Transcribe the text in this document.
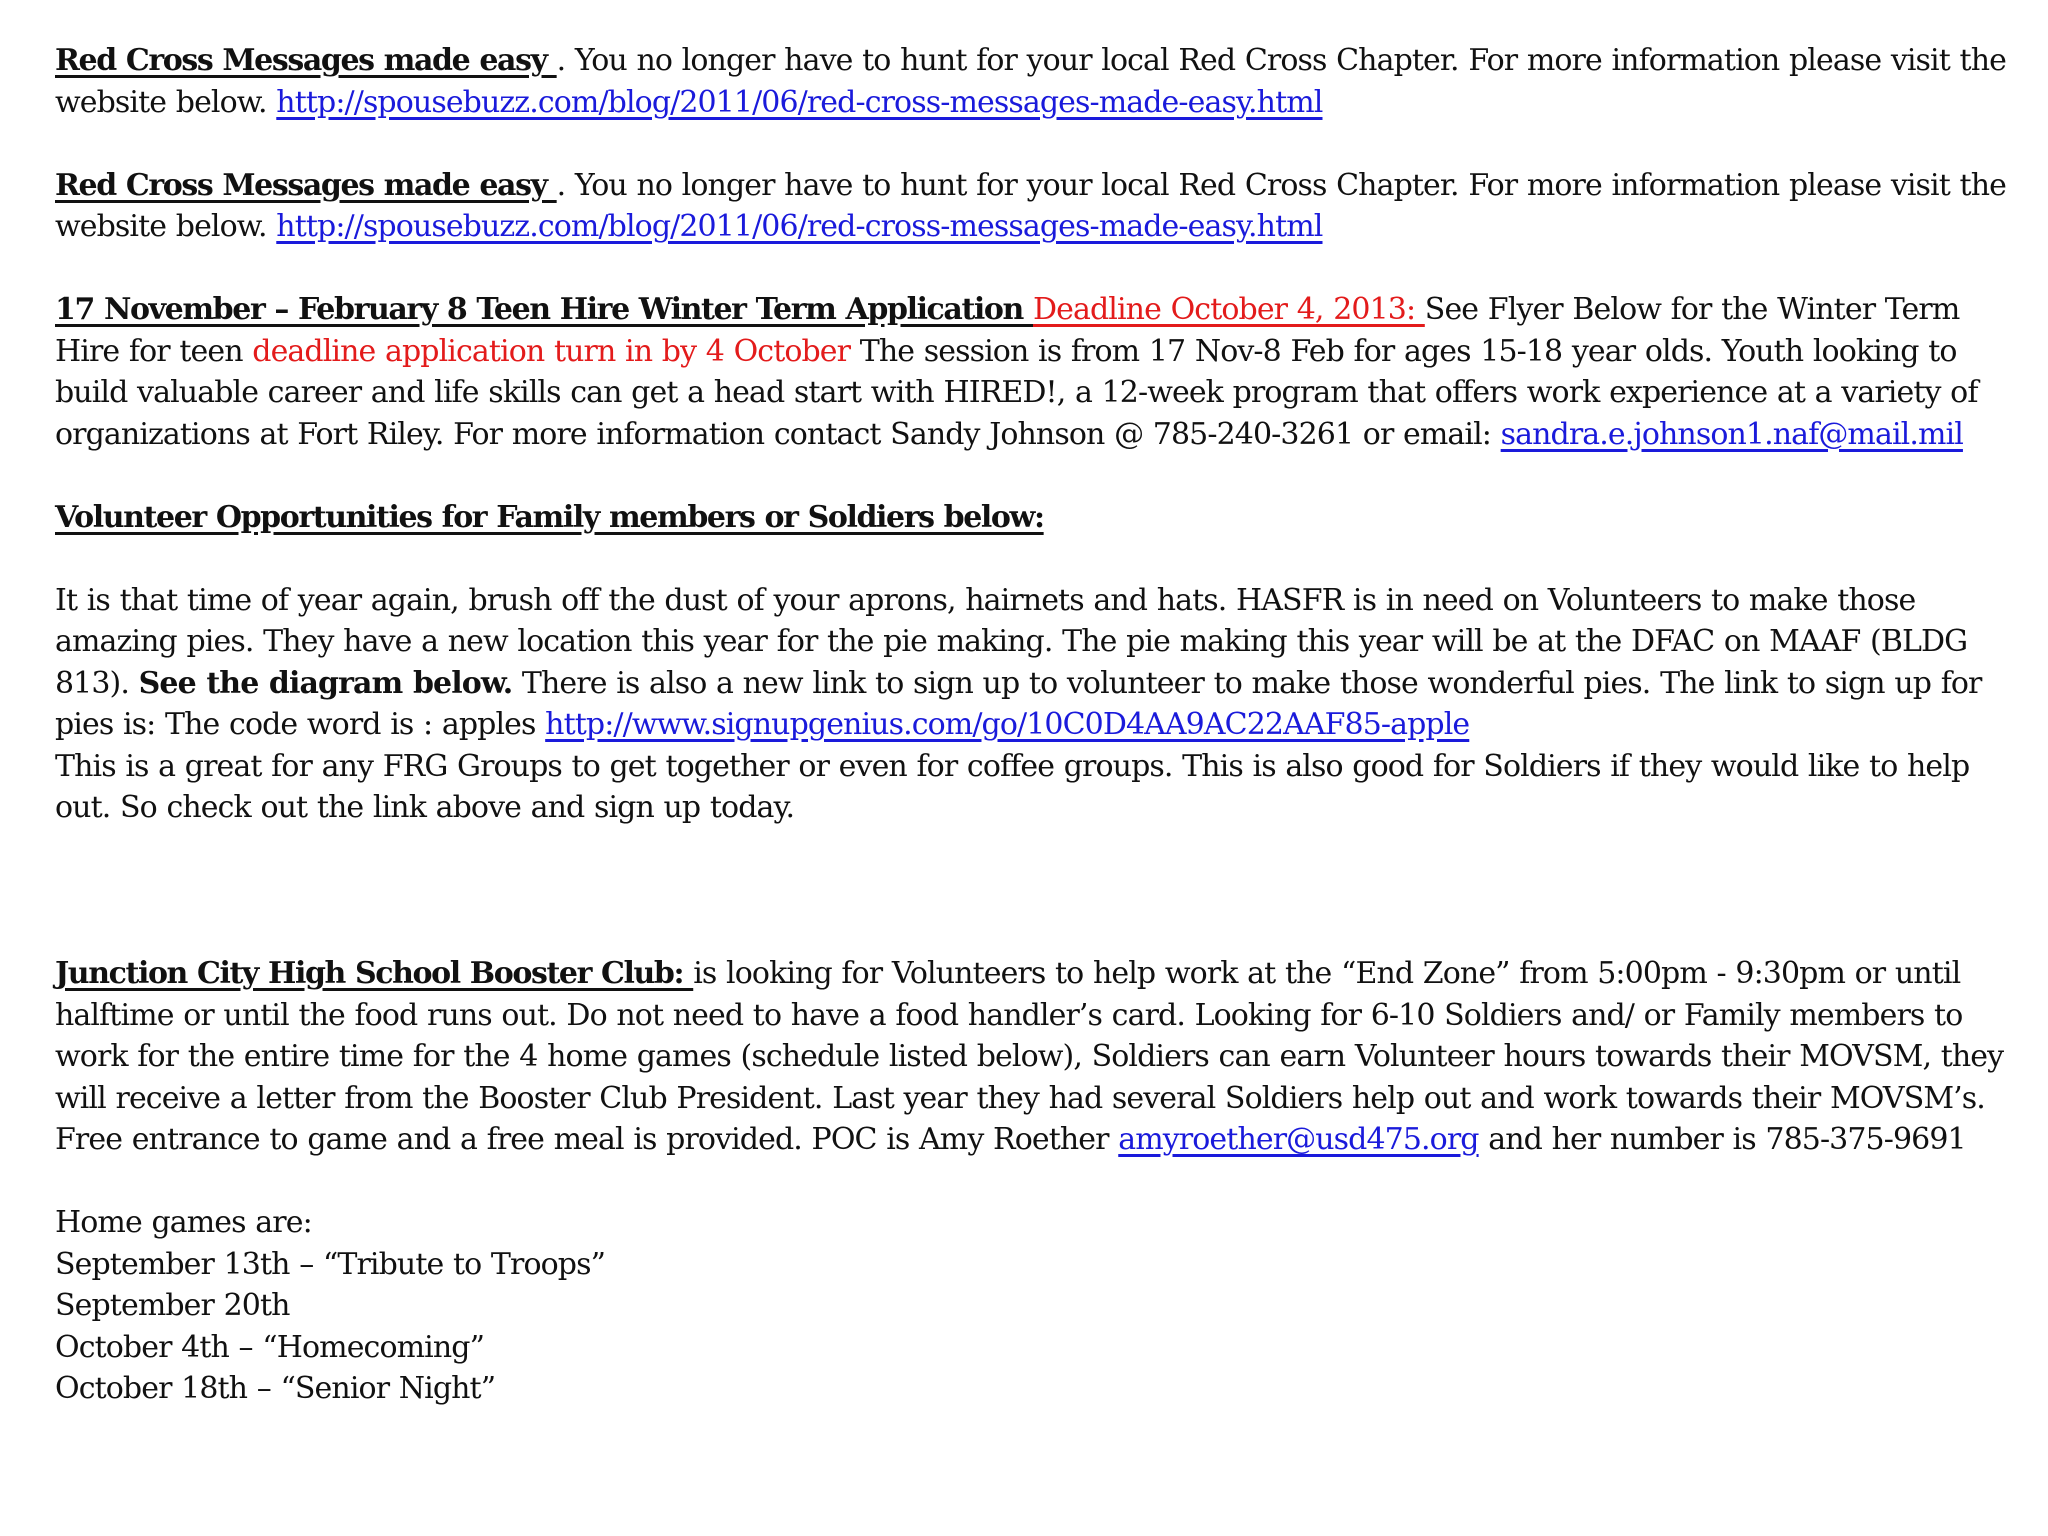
Red Cross Messages made easy . You no longer have to hunt for your local Red Cross Chapter. For more information please visit the website below. http://spousebuzz.com/blog/2011/06/red-cross-messages-made-easy.html

Red Cross Messages made easy . You no longer have to hunt for your local Red Cross Chapter. For more information please visit the website below. http://spousebuzz.com/blog/2011/06/red-cross-messages-made-easy.html

17 November – February 8 Teen Hire Winter Term Application Deadline October 4, 2013: See Flyer Below for the Winter Term Hire for teen deadline application turn in by 4 October The session is from 17 Nov-8 Feb for ages 15-18 year olds. Youth looking to build valuable career and life skills can get a head start with HIRED!, a 12-week program that offers work experience at a variety of organizations at Fort Riley. For more information contact Sandy Johnson @ 785-240-3261 or email: sandra.e.johnson1.naf@mail.mil

Volunteer Opportunities for Family members or Soldiers below:

It is that time of year again, brush off the dust of your aprons, hairnets and hats. HASFR is in need on Volunteers to make those amazing pies. They have a new location this year for the pie making. The pie making this year will be at the DFAC on MAAF (BLDG 813). See the diagram below. There is also a new link to sign up to volunteer to make those wonderful pies. The link to sign up for pies is: The code word is : apples http://www.signupgenius.com/go/10C0D4AA9AC22AAF85-apple

This is a great for any FRG Groups to get together or even for coffee groups. This is also good for Soldiers if they would like to help out. So check out the link above and sign up today.

Junction City High School Booster Club: is looking for Volunteers to help work at the “End Zone” from 5:00pm - 9:30pm or until halftime or until the food runs out. Do not need to have a food handler’s card. Looking for 6-10 Soldiers and/ or Family members to work for the entire time for the 4 home games (schedule listed below), Soldiers can earn Volunteer hours towards their MOVSM, they will receive a letter from the Booster Club President. Last year they had several Soldiers help out and work towards their MOVSM’s. Free entrance to game and a free meal is provided. POC is Amy Roether amyroether@usd475.org and her number is 785-375-9691

Home games are:

September 13th – “Tribute to Troops”

September 20th

October 4th – “Homecoming”

October 18th – “Senior Night”
